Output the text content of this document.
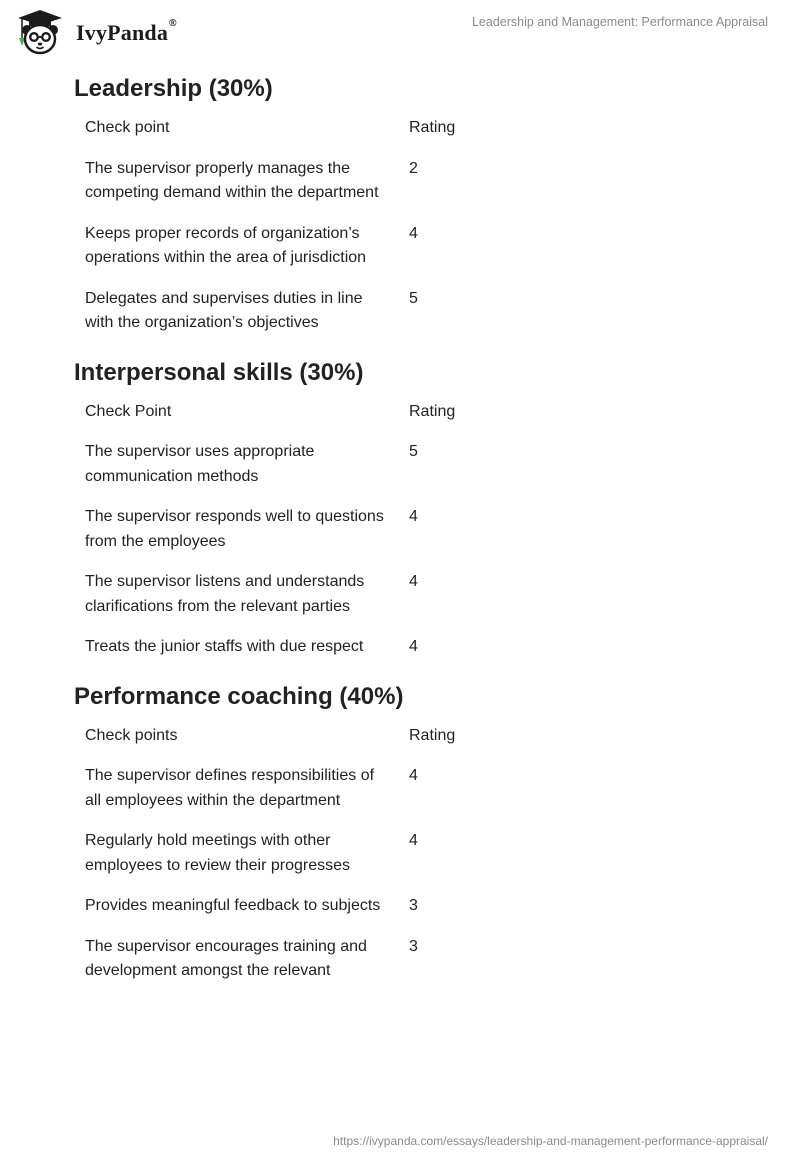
IvyPanda®	Leadership and Management: Performance Appraisal
Leadership (30%)
Check point	Rating
The supervisor properly manages the competing demand within the department	2
Keeps proper records of organization’s operations within the area of jurisdiction	4
Delegates and supervises duties in line with the organization’s objectives	5
Interpersonal skills (30%)
Check Point	Rating
The supervisor uses appropriate communication methods	5
The supervisor responds well to questions from the employees	4
The supervisor listens and understands clarifications from the relevant parties	4
Treats the junior staffs with due respect	4
Performance coaching (40%)
Check points	Rating
The supervisor defines responsibilities of all employees within the department	4
Regularly hold meetings with other employees to review their progresses	4
Provides meaningful feedback to subjects	3
The supervisor encourages training and development amongst the relevant	3
https://ivypanda.com/essays/leadership-and-management-performance-appraisal/
